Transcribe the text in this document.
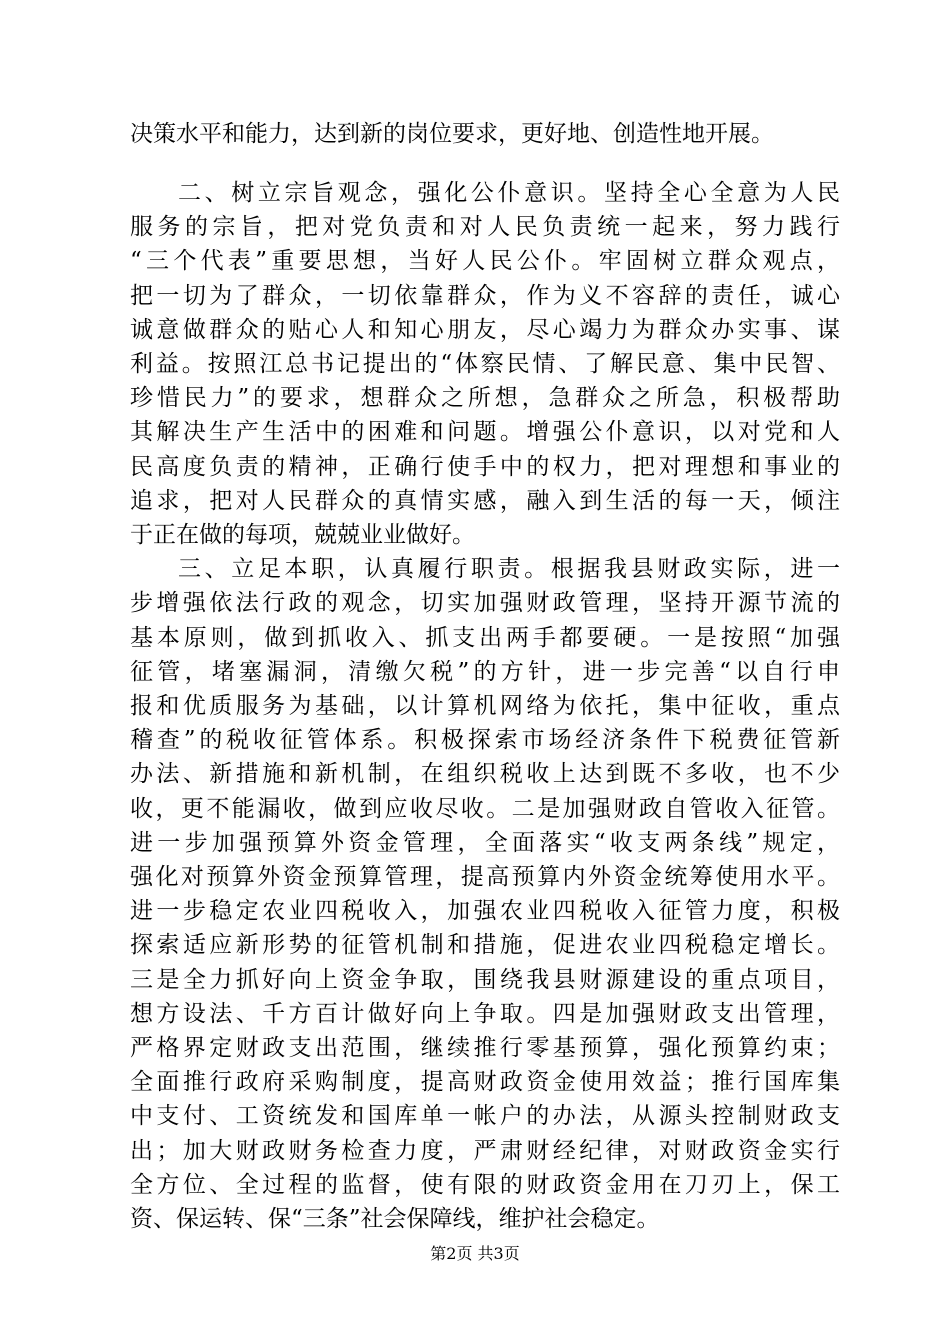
决策水平和能力，达到新的岗位要求，更好地、创造性地开展。
二、树立宗旨观念，强化公仆意识。坚持全心全意为人民
服务的宗旨，把对党负责和对人民负责统一起来，努力践行
“三个代表”重要思想，当好人民公仆。牢固树立群众观点，
把一切为了群众，一切依靠群众，作为义不容辞的责任，诚心
诚意做群众的贴心人和知心朋友，尽心竭力为群众办实事、谋
利益。按照江总书记提出的“体察民情、了解民意、集中民智、
珍惜民力”的要求，想群众之所想，急群众之所急，积极帮助
其解决生产生活中的困难和问题。增强公仆意识，以对党和人
民高度负责的精神，正确行使手中的权力，把对理想和事业的
追求，把对人民群众的真情实感，融入到生活的每一天，倾注
于正在做的每项，兢兢业业做好。
三、立足本职，认真履行职责。根据我县财政实际，进一
步增强依法行政的观念，切实加强财政管理，坚持开源节流的
基本原则，做到抓收入、抓支出两手都要硬。一是按照“加强
征管，堵塞漏洞，清缴欠税”的方针，进一步完善“以自行申
报和优质服务为基础，以计算机网络为依托，集中征收，重点
稽查”的税收征管体系。积极探索市场经济条件下税费征管新
办法、新措施和新机制，在组织税收上达到既不多收，也不少
收，更不能漏收，做到应收尽收。二是加强财政自管收入征管。
进一步加强预算外资金管理，全面落实“收支两条线”规定，
强化对预算外资金预算管理，提高预算内外资金统筹使用水平。
进一步稳定农业四税收入，加强农业四税收入征管力度，积极
探索适应新形势的征管机制和措施，促进农业四税稳定增长。
三是全力抓好向上资金争取，围绕我县财源建设的重点项目，
想方设法、千方百计做好向上争取。四是加强财政支出管理，
严格界定财政支出范围，继续推行零基预算，强化预算约束；
全面推行政府采购制度，提高财政资金使用效益；推行国库集
中支付、工资统发和国库单一帐户的办法，从源头控制财政支
出；加大财政财务检查力度，严肃财经纪律，对财政资金实行
全方位、全过程的监督，使有限的财政资金用在刀刃上，保工
资、保运转、保“三条”社会保障线，维护社会稳定。
第2页 共3页
